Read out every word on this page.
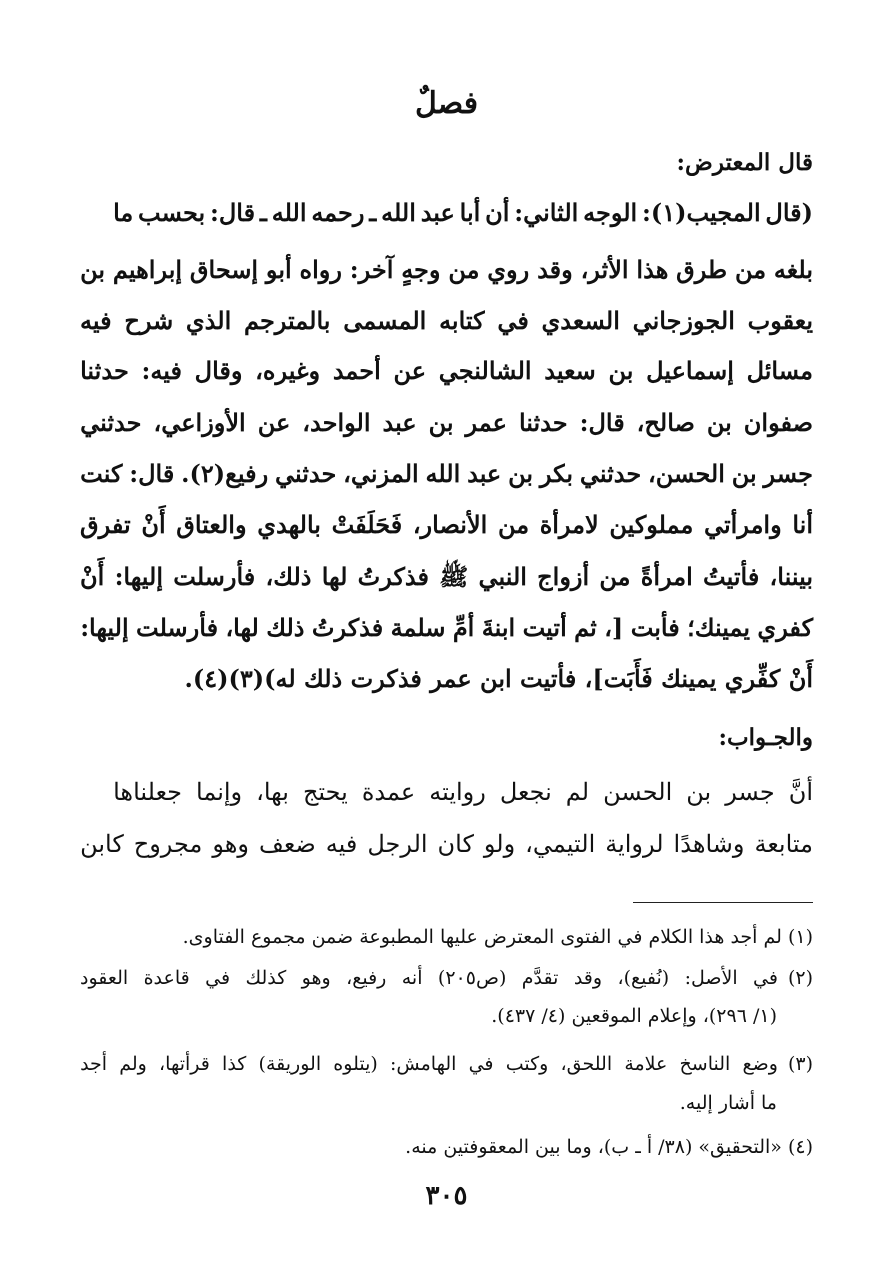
فصلٌ
قال المعترض:
(قال
المجيب(١):
الوجه
الثاني:
أن
أبا
عبد
الله
ـ
رحمه
الله
ـ
قال:
بحسب
ما
بلغه
من
طرق
هذا
الأثر،
وقد
روي
من
وجهٍ
آخر:
رواه
أبو
إسحاق
إبراهيم
بن
يعقوب
الجوزجاني
السعدي
في
كتابه
المسمى
بالمترجم
الذي
شرح
فيه
مسائل
إسماعيل
بن
سعيد
الشالنجي
عن
أحمد
وغيره،
وقال
فيه:
حدثنا
صفوان
بن
صالح،
قال:
حدثنا
عمر
بن
عبد
الواحد،
عن
الأوزاعي،
حدثني
جسر
بن
الحسن،
حدثني
بكر
بن
عبد
الله
المزني،
حدثني
رفيع(٢).
قال:
كنت
أنا
وامرأتي
مملوكين
لامرأة
من
الأنصار،
فَحَلَفَتْ
بالهدي
والعتاق
أَنْ
تفرق
بيننا،
فأتيتُ
امرأةً
من
أزواج
النبي
ﷺ
فذكرتُ
لها
ذلك،
فأرسلت
إليها:
أَنْ
كفري
يمينك؛
فأبت
[،
ثم
أتيت
ابنةَ
أمِّ
سلمة
فذكرتُ
ذلك
لها،
فأرسلت
إليها:
أَنْ كفِّري يمينك فَأَبَت]، فأتيت ابن عمر فذكرت ذلك له)(٣)(٤).
والجـواب:
أنَّ
جسر
بن
الحسن
لم
نجعل
روايته
عمدة
يحتج
بها،
وإنما
جعلناها
متابعة
وشاهدًا
لرواية
التيمي،
ولو
كان
الرجل
فيه
ضعف
وهو
مجروح
كابن
(١)
لم أجد هذا الكلام في الفتوى المعترض عليها المطبوعة ضمن مجموع الفتاوى.
(٢)
في
الأصل:
(نُفيع)،
وقد
تقدَّم
(ص٢٠٥)
أنه
رفيع،
وهو
كذلك
في
قاعدة
العقود
(١/ ٢٩٦)، وإعلام الموقعين (٤/ ٤٣٧).
(٣)
وضع
الناسخ
علامة
اللحق،
وكتب
في
الهامش:
(يتلوه
الوريقة)
كذا
قرأتها،
ولم
أجد
ما أشار إليه.
(٤)
«التحقيق» (٣٨/ أ ـ ب)، وما بين المعقوفتين منه.
٣٠٥
